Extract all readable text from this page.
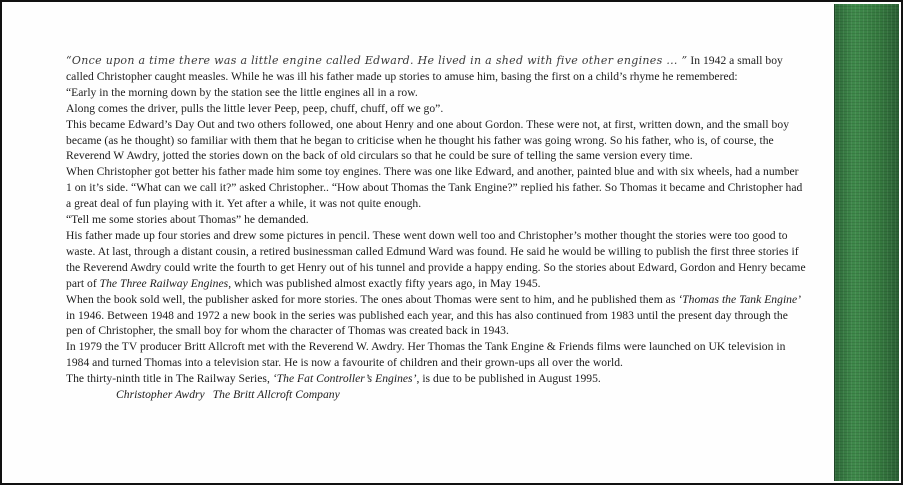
“Once upon a time there was a little engine called Edward. He lived in a shed with five other engines ... ” In 1942 a small boy called Christopher caught measles. While he was ill his father made up stories to amuse him, basing the first on a child’s rhyme he remembered:

“Early in the morning down by the station see the little engines all in a row.

Along comes the driver, pulls the little lever Peep, peep, chuff, chuff, off we go”.

This became Edward’s Day Out and two others followed, one about Henry and one about Gordon. These were not, at first, written down, and the small boy became (as he thought) so familiar with them that he began to criticise when he thought his father was going wrong. So his father, who is, of course, the Reverend W Awdry, jotted the stories down on the back of old circulars so that he could be sure of telling the same version every time.

When Christopher got better his father made him some toy engines. There was one like Edward, and another, painted blue and with six wheels, had a number 1 on it’s side. “What can we call it?” asked Christopher.. “How about Thomas the Tank Engine?” replied his father. So Thomas it became and Christopher had a great deal of fun playing with it. Yet after a while, it was not quite enough.

“Tell me some stories about Thomas” he demanded.

His father made up four stories and drew some pictures in pencil. These went down well too and Christopher’s mother thought the stories were too good to waste. At last, through a distant cousin, a retired businessman called Edmund Ward was found. He said he would be willing to publish the first three stories if the Reverend Awdry could write the fourth to get Henry out of his tunnel and provide a happy ending. So the stories about Edward, Gordon and Henry became part of The Three Railway Engines, which was published almost exactly fifty years ago, in May 1945.

When the book sold well, the publisher asked for more stories. The ones about Thomas were sent to him, and he published them as ‘Thomas the Tank Engine’ in 1946. Between 1948 and 1972 a new book in the series was published each year, and this has also continued from 1983 until the present day through the pen of Christopher, the small boy for whom the character of Thomas was created back in 1943.

In 1979 the TV producer Britt Allcroft met with the Reverend W. Awdry. Her Thomas the Tank Engine & Friends films were launched on UK television in 1984 and turned Thomas into a television star. He is now a favourite of children and their grown-ups all over the world.

The thirty-ninth title in The Railway Series, ‘The Fat Controller’s Engines’, is due to be published in August 1995.

Christopher Awdry The Britt Allcroft Company
